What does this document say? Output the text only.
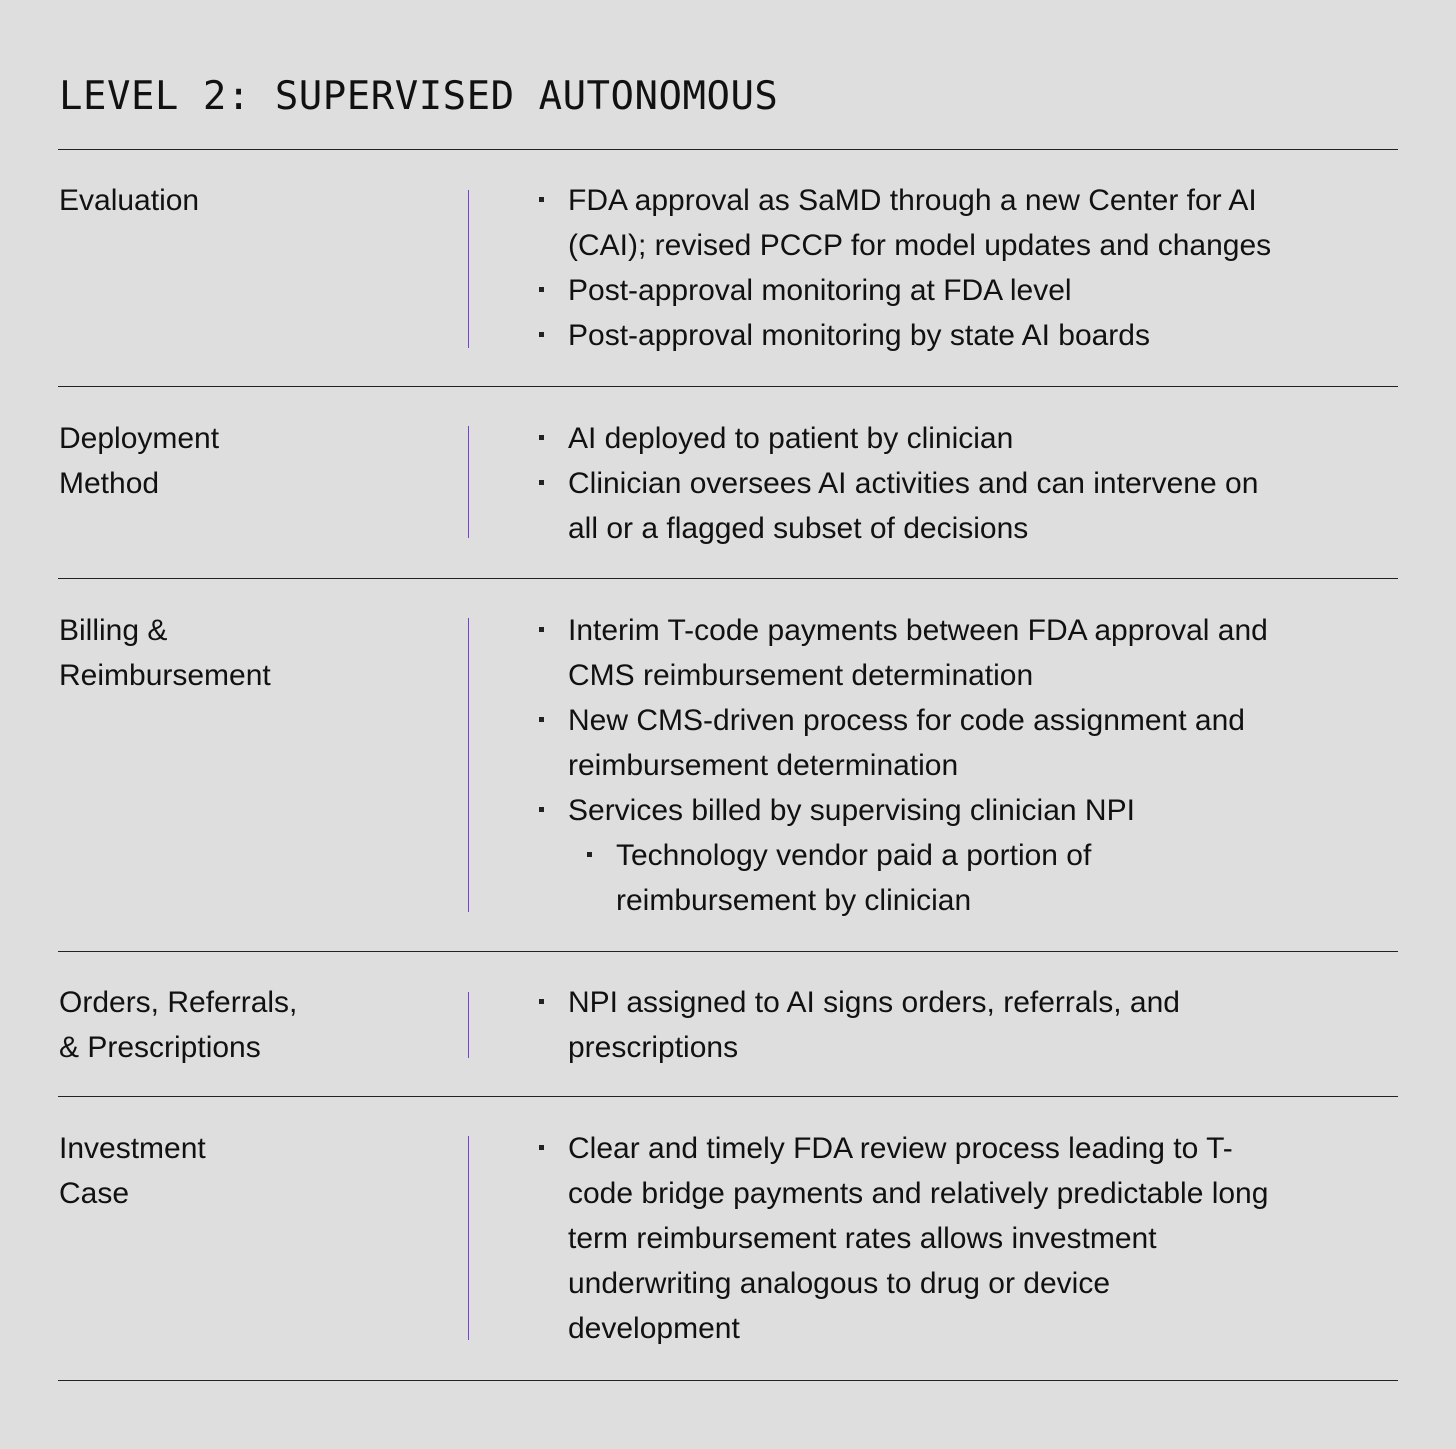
LEVEL 2: SUPERVISED AUTONOMOUS
Evaluation	FDA approval as SaMD through a new Center for AI
(CAI); revised PCCP for model updates and changes
Post-approval monitoring at FDA level
Post-approval monitoring by state AI boards
Deployment
Method
AI deployed to patient by clinician
Clinician oversees AI activities and can intervene on
all or a flagged subset of decisions
Billing &
Reimbursement
Interim T-code payments between FDA approval and
CMS reimbursement determination
New CMS-driven process for code assignment and
reimbursement determination
Services billed by supervising clinician NPI
Technology vendor paid a portion of
reimbursement by clinician
Orders, Referrals,
& Prescriptions
NPI assigned to AI signs orders, referrals, and
prescriptions
Investment
Case
Clear and timely FDA review process leading to T-
code bridge payments and relatively predictable long
term reimbursement rates allows investment
underwriting analogous to drug or device
development
